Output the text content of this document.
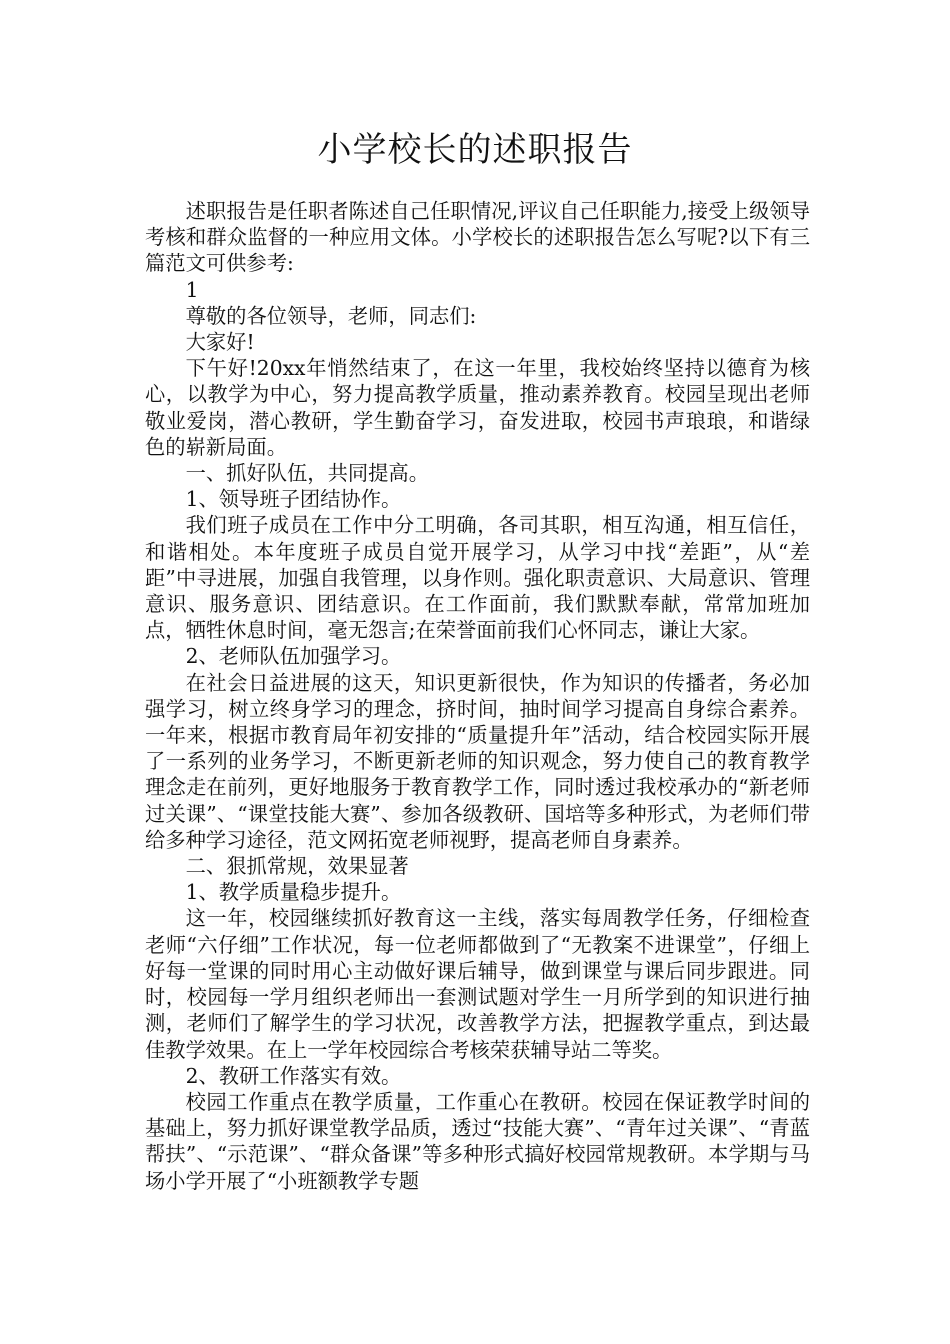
小学校长的述职报告

述职报告是任职者陈述自己任职情况,评议自己任职能力,接受上级领导考核和群众监督的一种应用文体。小学校长的述职报告怎么写呢?以下有三篇范文可供参考:

1

尊敬的各位领导，老师，同志们:

大家好!

下午好!20xx年悄然结束了，在这一年里，我校始终坚持以德育为核心，以教学为中心，努力提高教学质量，推动素养教育。校园呈现出老师敬业爱岗，潜心教研，学生勤奋学习，奋发进取，校园书声琅琅，和谐绿色的崭新局面。

一、抓好队伍，共同提高。

1、领导班子团结协作。

我们班子成员在工作中分工明确，各司其职，相互沟通，相互信任，和谐相处。本年度班子成员自觉开展学习，从学习中找“差距”，从“差距”中寻进展，加强自我管理，以身作则。强化职责意识、大局意识、管理意识、服务意识、团结意识。在工作面前，我们默默奉献，常常加班加点，牺牲休息时间，毫无怨言;在荣誉面前我们心怀同志，谦让大家。

2、老师队伍加强学习。

在社会日益进展的这天，知识更新很快，作为知识的传播者，务必加强学习，树立终身学习的理念，挤时间，抽时间学习提高自身综合素养。一年来，根据市教育局年初安排的“质量提升年”活动，结合校园实际开展了一系列的业务学习，不断更新老师的知识观念，努力使自己的教育教学理念走在前列，更好地服务于教育教学工作，同时透过我校承办的“新老师过关课”、“课堂技能大赛”、参加各级教研、国培等多种形式，为老师们带给多种学习途径，范文网拓宽老师视野，提高老师自身素养。

二、狠抓常规，效果显著

1、教学质量稳步提升。

这一年，校园继续抓好教育这一主线，落实每周教学任务，仔细检查老师“六仔细”工作状况，每一位老师都做到了“无教案不进课堂”，仔细上好每一堂课的同时用心主动做好课后辅导，做到课堂与课后同步跟进。同时，校园每一学月组织老师出一套测试题对学生一月所学到的知识进行抽测，老师们了解学生的学习状况，改善教学方法，把握教学重点，到达最佳教学效果。在上一学年校园综合考核荣获辅导站二等奖。

2、教研工作落实有效。

校园工作重点在教学质量，工作重心在教研。校园在保证教学时间的基础上，努力抓好课堂教学品质，透过“技能大赛”、“青年过关课”、“青蓝帮扶”、“示范课”、“群众备课”等多种形式搞好校园常规教研。本学期与马场小学开展了“小班额教学专题
